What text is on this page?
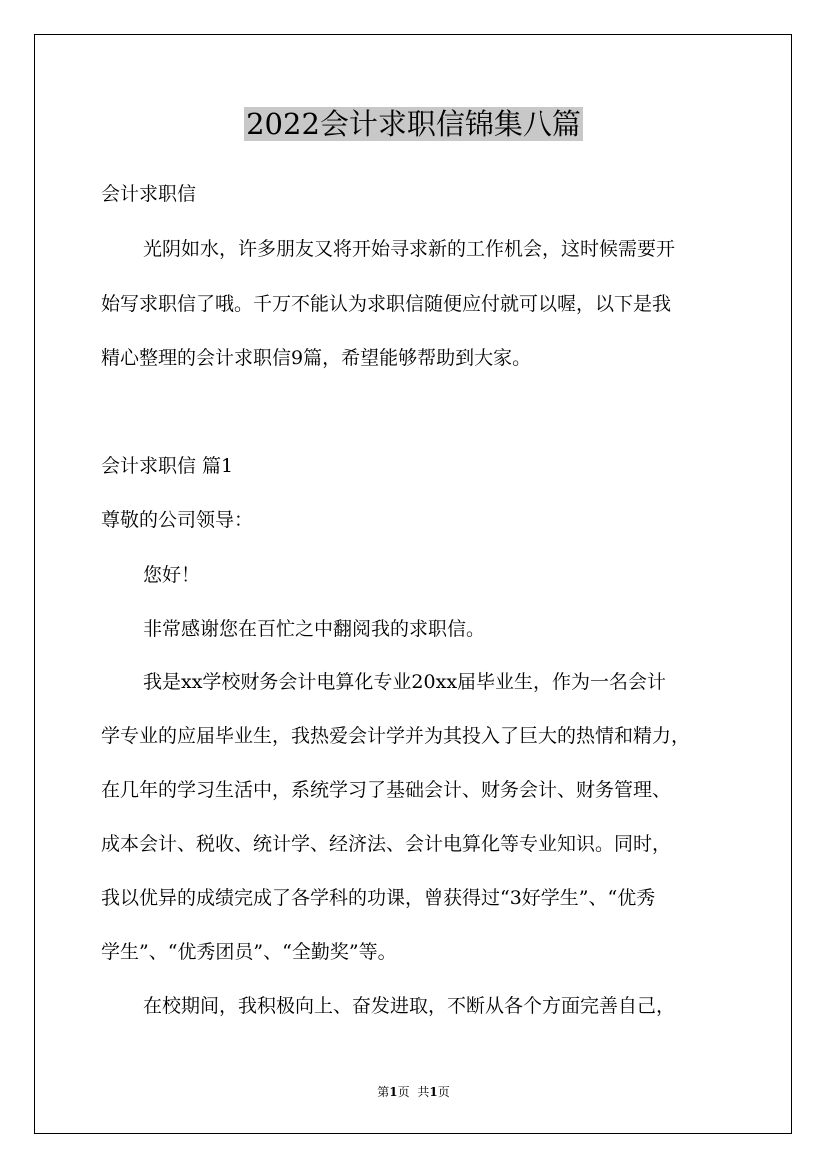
2022会计求职信锦集八篇
会计求职信
光阴如水，许多朋友又将开始寻求新的工作机会，这时候需要开
始写求职信了哦。千万不能认为求职信随便应付就可以喔，以下是我
精心整理的会计求职信9篇，希望能够帮助到大家。
会计求职信 篇1
尊敬的公司领导：
您好！
非常感谢您在百忙之中翻阅我的求职信。
我是xx学校财务会计电算化专业20xx届毕业生，作为一名会计
学专业的应届毕业生，我热爱会计学并为其投入了巨大的热情和精力，
在几年的学习生活中，系统学习了基础会计、财务会计、财务管理、
成本会计、税收、统计学、经济法、会计电算化等专业知识。同时，
我以优异的成绩完成了各学科的功课，曾获得过“3好学生”、“优秀
学生”、“优秀团员”、“全勤奖”等。
在校期间，我积极向上、奋发进取，不断从各个方面完善自己，
第1页 共1页
